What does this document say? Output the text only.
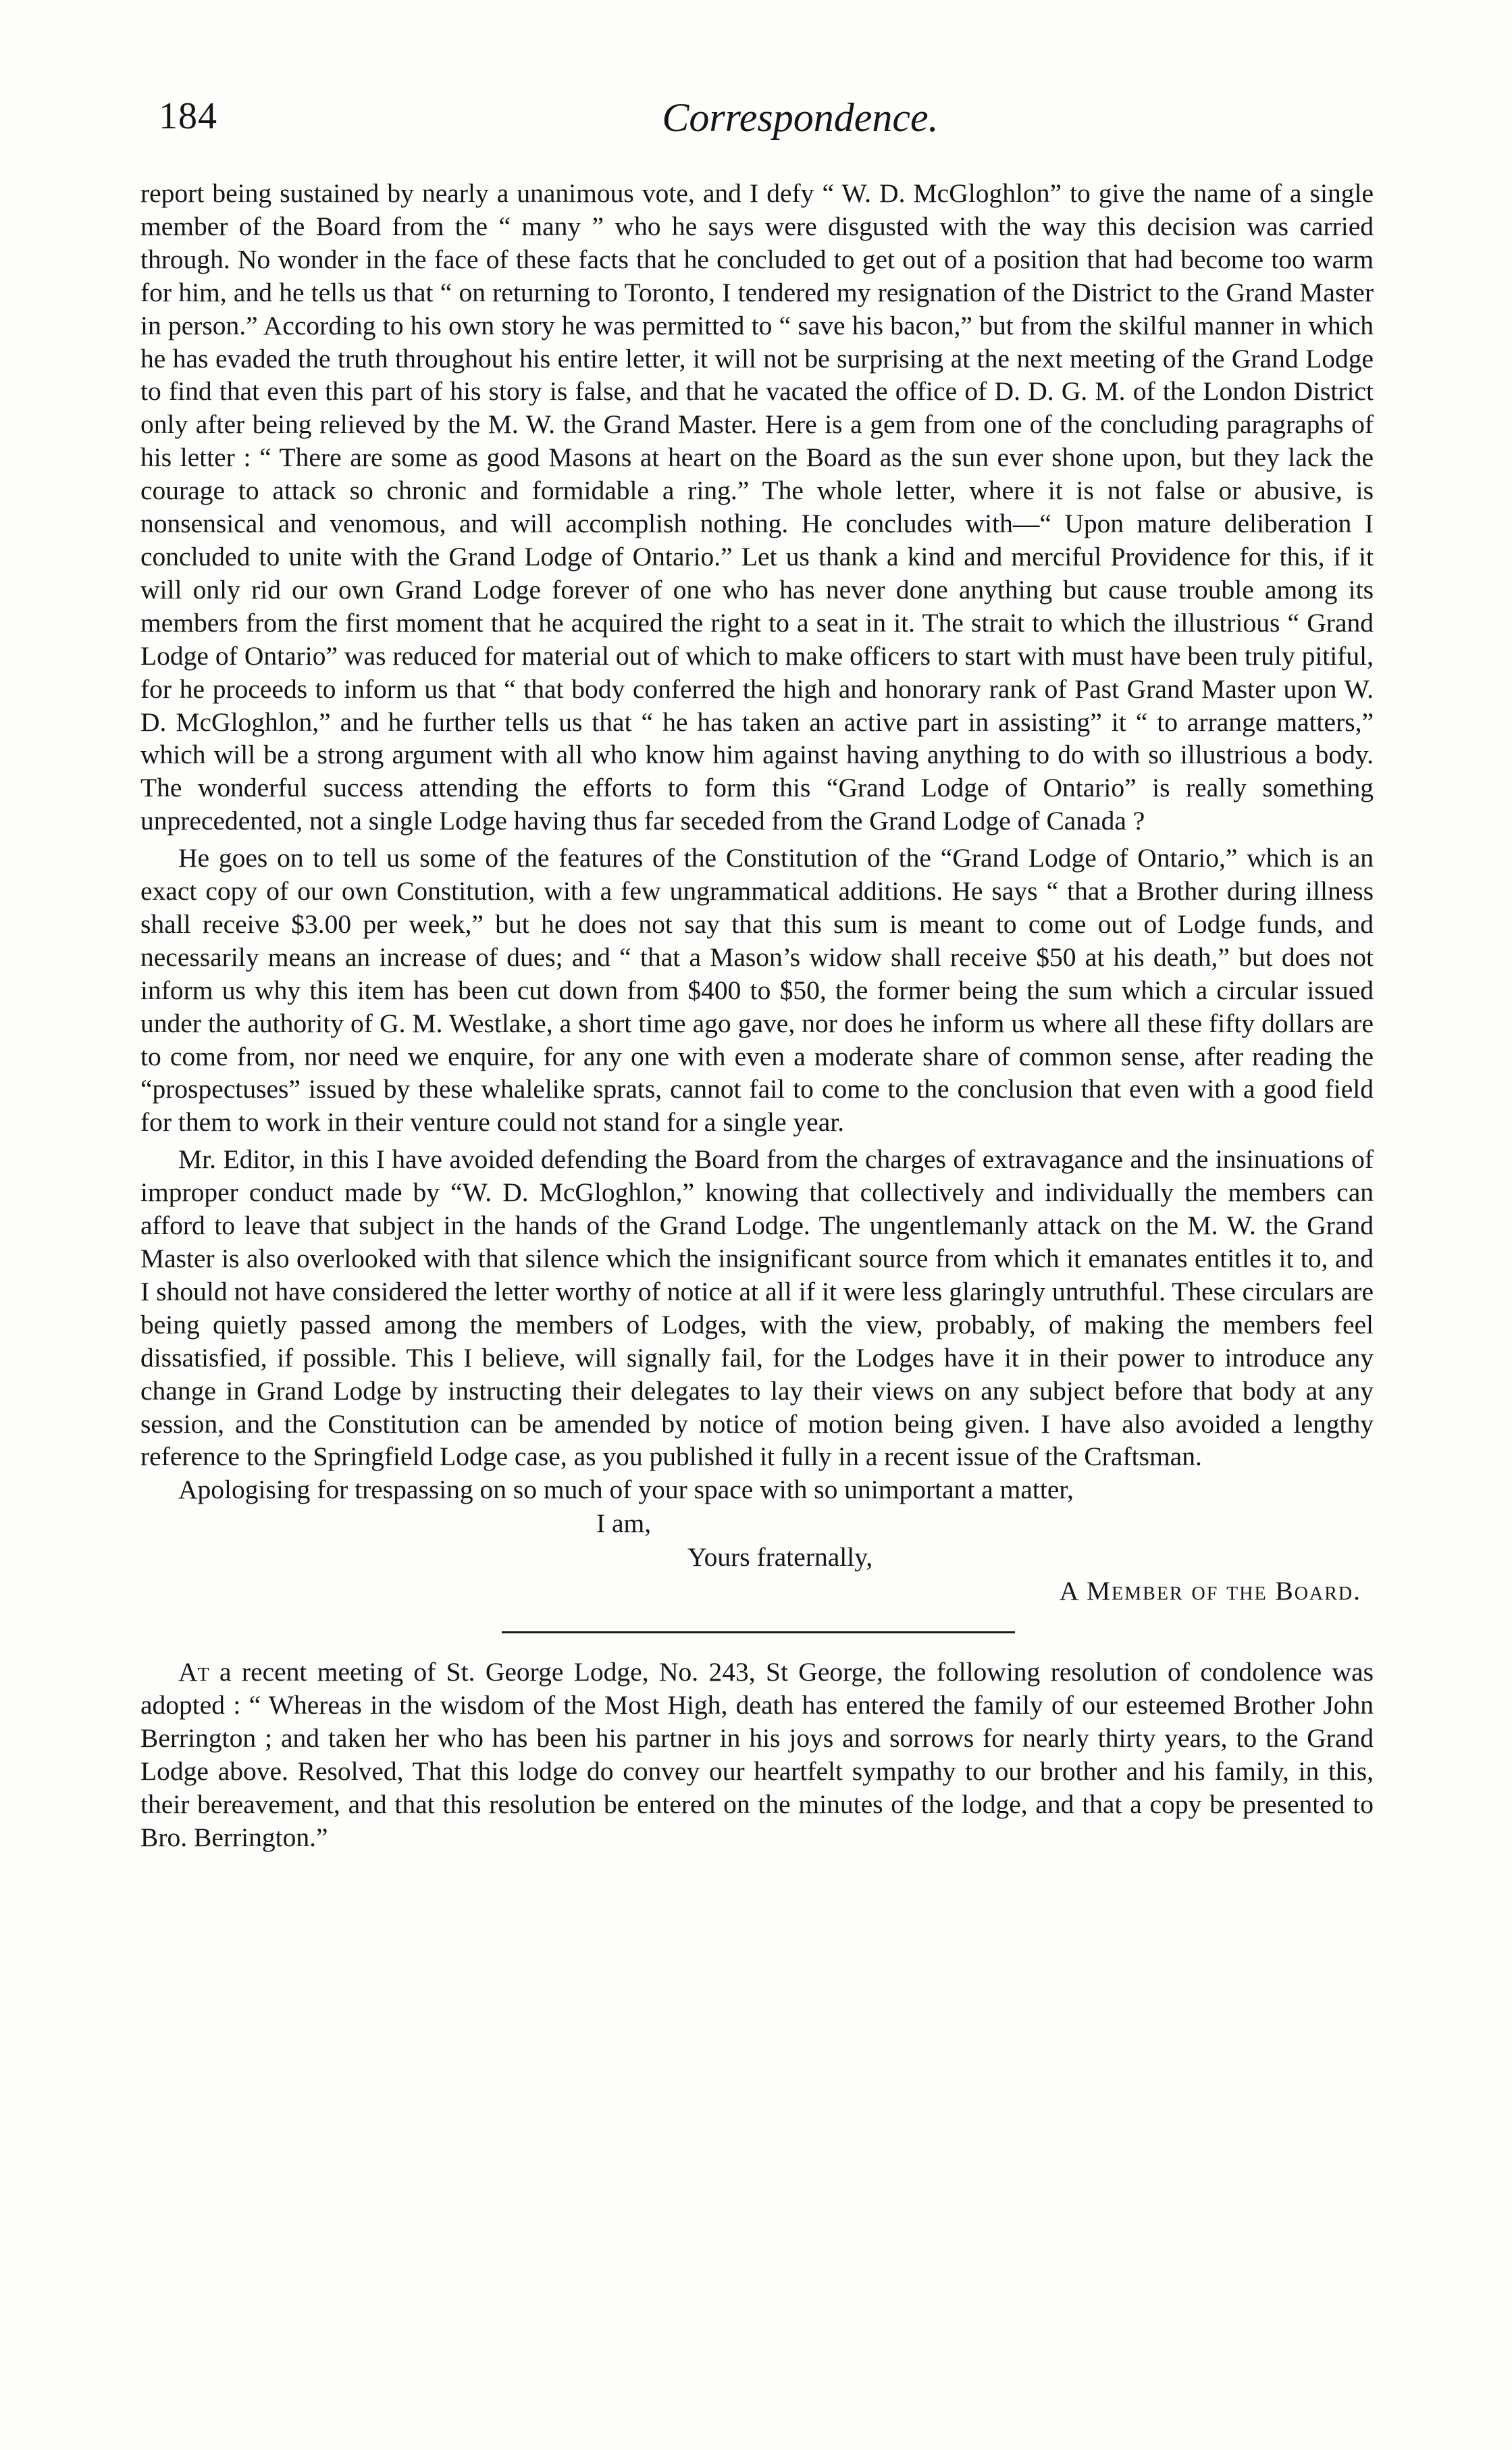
184	Correspondence.

report being sustained by nearly a unanimous vote, and I defy “ W. D. McGloghlon” to give the name of a single member of the Board from the “ many ” who he says were disgusted with the way this decision was carried through. No wonder in the face of these facts that he concluded to get out of a position that had become too warm for him, and he tells us that “ on returning to Toronto, I tendered my resignation of the District to the Grand Master in person.” According to his own story he was permitted to “ save his bacon,” but from the skilful manner in which he has evaded the truth throughout his entire letter, it will not be surprising at the next meeting of the Grand Lodge to find that even this part of his story is false, and that he vacated the office of D. D. G. M. of the London District only after being relieved by the M. W. the Grand Master. Here is a gem from one of the concluding paragraphs of his letter : “ There are some as good Masons at heart on the Board as the sun ever shone upon, but they lack the courage to attack so chronic and formidable a ring.” The whole letter, where it is not false or abusive, is nonsensical and venomous, and will accomplish nothing. He concludes with—“ Upon mature deliberation I concluded to unite with the Grand Lodge of Ontario.” Let us thank a kind and merciful Providence for this, if it will only rid our own Grand Lodge forever of one who has never done anything but cause trouble among its members from the first moment that he acquired the right to a seat in it. The strait to which the illustrious “ Grand Lodge of Ontario” was reduced for material out of which to make officers to start with must have been truly pitiful, for he proceeds to inform us that “ that body conferred the high and honorary rank of Past Grand Master upon W. D. McGloghlon,” and he further tells us that “ he has taken an active part in assisting” it “ to arrange matters,” which will be a strong argument with all who know him against having anything to do with so illustrious a body. The wonderful success attending the efforts to form this “Grand Lodge of Ontario” is really something unprecedented, not a single Lodge having thus far seceded from the Grand Lodge of Canada ?

He goes on to tell us some of the features of the Constitution of the “Grand Lodge of Ontario,” which is an exact copy of our own Constitution, with a few ungrammatical additions. He says “ that a Brother during illness shall receive $3.00 per week,” but he does not say that this sum is meant to come out of Lodge funds, and necessarily means an increase of dues; and “ that a Mason’s widow shall receive $50 at his death,” but does not inform us why this item has been cut down from $400 to $50, the former being the sum which a circular issued under the authority of G. M. Westlake, a short time ago gave, nor does he inform us where all these fifty dollars are to come from, nor need we enquire, for any one with even a moderate share of common sense, after reading the “prospectuses” issued by these whalelike sprats, cannot fail to come to the conclusion that even with a good field for them to work in their venture could not stand for a single year.

Mr. Editor, in this I have avoided defending the Board from the charges of extravagance and the insinuations of improper conduct made by “W. D. McGloghlon,” knowing that collectively and individually the members can afford to leave that subject in the hands of the Grand Lodge. The ungentlemanly attack on the M. W. the Grand Master is also overlooked with that silence which the insignificant source from which it emanates entitles it to, and I should not have considered the letter worthy of notice at all if it were less glaringly untruthful. These circulars are being quietly passed among the members of Lodges, with the view, probably, of making the members feel dissatisfied, if possible. This I believe, will signally fail, for the Lodges have it in their power to introduce any change in Grand Lodge by instructing their delegates to lay their views on any subject before that body at any session, and the Constitution can be amended by notice of motion being given. I have also avoided a lengthy reference to the Springfield Lodge case, as you published it fully in a recent issue of the Craftsman.

Apologising for trespassing on so much of your space with so unimportant a matter,

I am,
Yours fraternally,
A Member of the Board.

At a recent meeting of St. George Lodge, No. 243, St George, the following resolution of condolence was adopted : “ Whereas in the wisdom of the Most High, death has entered the family of our esteemed Brother John Berrington ; and taken her who has been his partner in his joys and sorrows for nearly thirty years, to the Grand Lodge above. Resolved, That this lodge do convey our heartfelt sympathy to our brother and his family, in this, their bereavement, and that this resolution be entered on the minutes of the lodge, and that a copy be presented to Bro. Berrington.”
